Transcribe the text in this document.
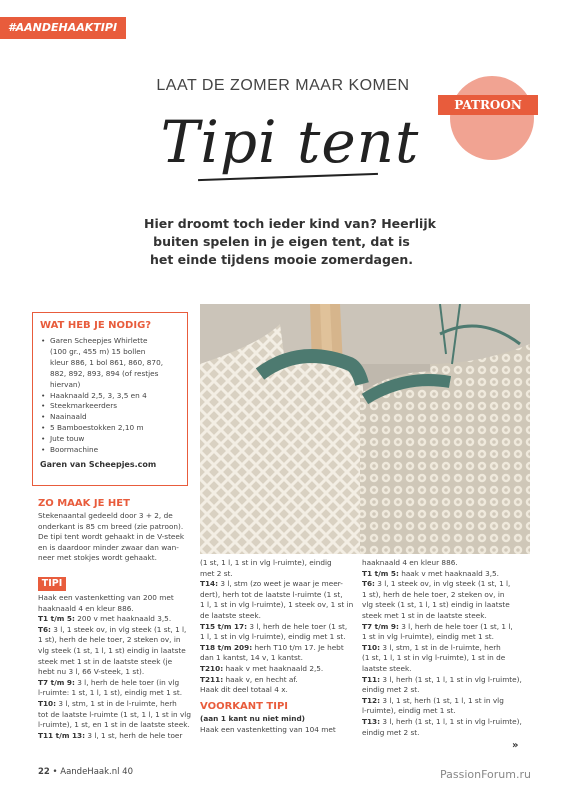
#AANDEHAAKTIPI
LAAT DE ZOMER MAAR KOMEN
Tipi tent
PATROON
Hier droomt toch ieder kind van? Heerlijk
buiten spelen in je eigen tent, dat is
het einde tijdens mooie zomerdagen.
WAT HEB JE NODIG?
• Garen Scheepjes Whirlette
(100 gr., 455 m) 15 bollen
kleur 886, 1 bol 861, 860, 870,
882, 892, 893, 894 (of restjes
hiervan)
• Haaknaald 2,5, 3, 3,5 en 4
• Steekmarkeerders
• Naainaald
• 5 Bamboestokken 2,10 m
• Jute touw
• Boormachine
Garen van Scheepjes.com
ZO MAAK JE HET
Stekenaantal gedeeld door 3 + 2, de
onderkant is 85 cm breed (zie patroon).
De tipi tent wordt gehaakt in de V-steek
en is daardoor minder zwaar dan wan-
neer met stokjes wordt gehaakt.
TIPI
Haak een vastenketting van 200 met
haaknaald 4 en kleur 886.
T1 t/m 5: 200 v met haaknaald 3,5.
T6: 3 l, 1 steek ov, in vlg steek (1 st, 1 l,
1 st), herh de hele toer, 2 steken ov, in
vlg steek (1 st, 1 l, 1 st) eindig in laatste
steek met 1 st in de laatste steek (je
hebt nu 3 l, 66 V-steek, 1 st).
T7 t/m 9: 3 l, herh de hele toer (in vlg
l-ruimte: 1 st, 1 l, 1 st), eindig met 1 st.
T10: 3 l, stm, 1 st in de l-ruimte, herh
tot de laatste l-ruimte (1 st, 1 l, 1 st in vlg
l-ruimte), 1 st, en 1 st in de laatste steek.
T11 t/m 13: 3 l, 1 st, herh de hele toer
(1 st, 1 l, 1 st in vlg l-ruimte), eindig
met 2 st.
T14: 3 l, stm (zo weet je waar je meer-
dert), herh tot de laatste l-ruimte (1 st,
1 l, 1 st in vlg l-ruimte), 1 steek ov, 1 st in
de laatste steek.
T15 t/m 17: 3 l, herh de hele toer (1 st,
1 l, 1 st in vlg l-ruimte), eindig met 1 st.
T18 t/m 209: herh T10 t/m 17. Je hebt
dan 1 kantst, 14 v, 1 kantst.
T210: haak v met haaknaald 2,5.
T211: haak v, en hecht af.
Haak dit deel totaal 4 x.
VOORKANT TIPI
(aan 1 kant nu niet mind)
Haak een vastenketting van 104 met
haaknaald 4 en kleur 886.
T1 t/m 5: haak v met haaknaald 3,5.
T6: 3 l, 1 steek ov, in vlg steek (1 st, 1 l,
1 st), herh de hele toer, 2 steken ov, in
vlg steek (1 st, 1 l, 1 st) eindig in laatste
steek met 1 st in de laatste steek.
T7 t/m 9: 3 l, herh de hele toer (1 st, 1 l,
1 st in vlg l-ruimte), eindig met 1 st.
T10: 3 l, stm, 1 st in de l-ruimte, herh
(1 st, 1 l, 1 st in vlg l-ruimte), 1 st in de
laatste steek.
T11: 3 l, herh (1 st, 1 l, 1 st in vlg l-ruimte),
eindig met 2 st.
T12: 3 l, 1 st, herh (1 st, 1 l, 1 st in vlg
l-ruimte), eindig met 1 st.
T13: 3 l, herh (1 st, 1 l, 1 st in vlg l-ruimte),
eindig met 2 st.
»
22 • AandeHaak.nl 40	PassionForum.ru
